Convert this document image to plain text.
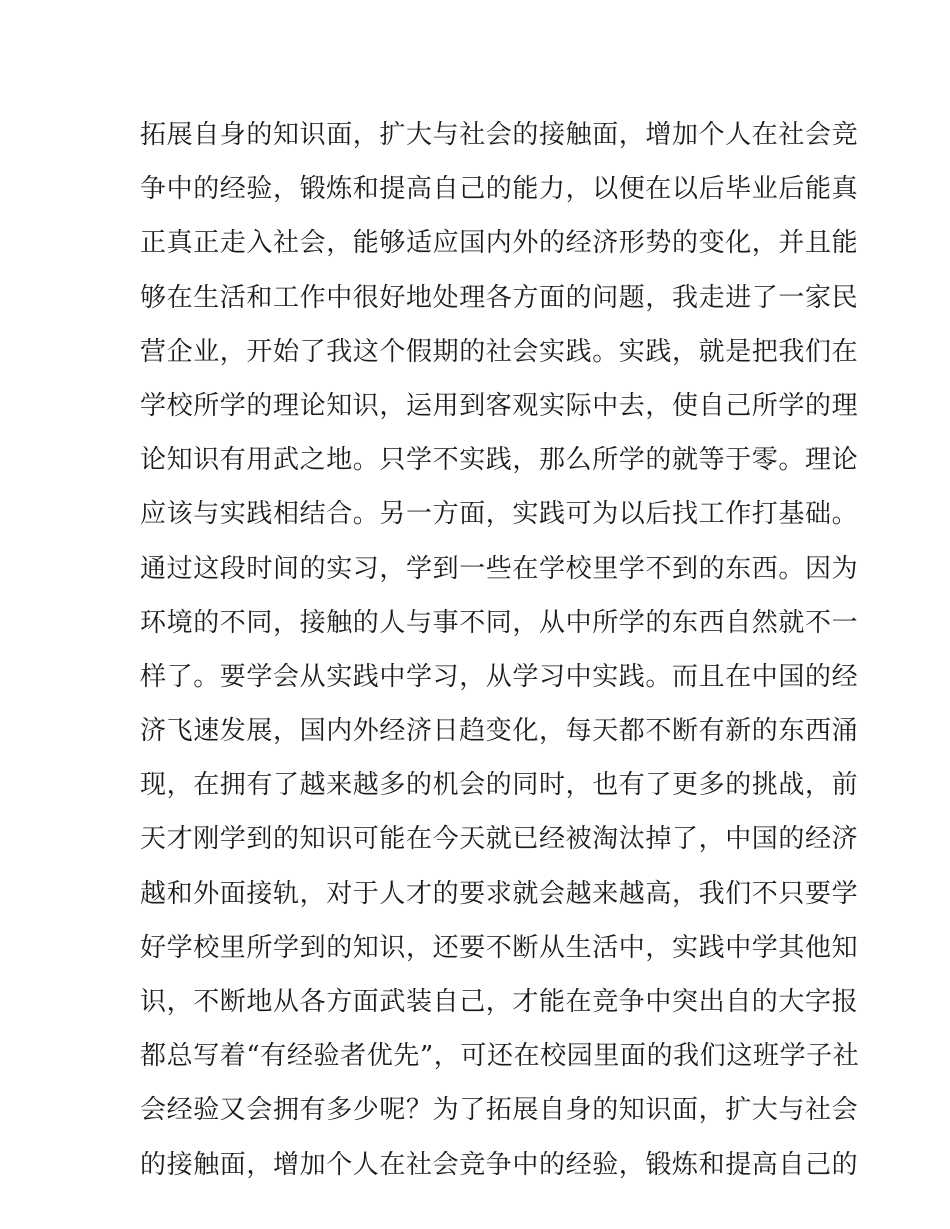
拓展自身的知识面，扩大与社会的接触面，增加个人在社会竞
争中的经验，锻炼和提高自己的能力，以便在以后毕业后能真
正真正走入社会，能够适应国内外的经济形势的变化，并且能
够在生活和工作中很好地处理各方面的问题，我走进了一家民
营企业，开始了我这个假期的社会实践。实践，就是把我们在
学校所学的理论知识，运用到客观实际中去，使自己所学的理
论知识有用武之地。只学不实践，那么所学的就等于零。理论
应该与实践相结合。另一方面，实践可为以后找工作打基础。
通过这段时间的实习，学到一些在学校里学不到的东西。因为
环境的不同，接触的人与事不同，从中所学的东西自然就不一
样了。要学会从实践中学习，从学习中实践。而且在中国的经
济飞速发展，国内外经济日趋变化，每天都不断有新的东西涌
现，在拥有了越来越多的机会的同时，也有了更多的挑战，前
天才刚学到的知识可能在今天就已经被淘汰掉了，中国的经济
越和外面接轨，对于人才的要求就会越来越高，我们不只要学
好学校里所学到的知识，还要不断从生活中，实践中学其他知
识，不断地从各方面武装自己，才能在竞争中突出自的大字报
都总写着“有经验者优先”，可还在校园里面的我们这班学子社
会经验又会拥有多少呢？为了拓展自身的知识面，扩大与社会
的接触面，增加个人在社会竞争中的经验，锻炼和提高自己的
